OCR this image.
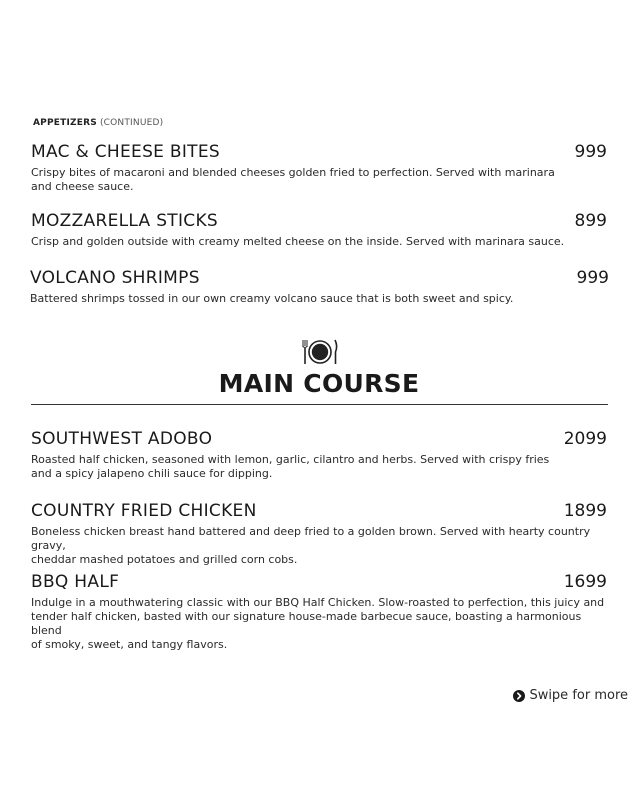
APPETIZERS (CONTINUED)
MAC & CHEESE BITES	999
Crispy bites of macaroni and blended cheeses golden fried to perfection. Served with marinara
and cheese sauce.
MOZZARELLA STICKS	899
Crisp and golden outside with creamy melted cheese on the inside. Served with marinara sauce.
VOLCANO SHRIMPS	999
Battered shrimps tossed in our own creamy volcano sauce that is both sweet and spicy.
MAIN COURSE
SOUTHWEST ADOBO	2099
Roasted half chicken, seasoned with lemon, garlic, cilantro and herbs. Served with crispy fries
and a spicy jalapeno chili sauce for dipping.
COUNTRY FRIED CHICKEN	1899
Boneless chicken breast hand battered and deep fried to a golden brown. Served with hearty country gravy,
cheddar mashed potatoes and grilled corn cobs.
BBQ HALF	1699
Indulge in a mouthwatering classic with our BBQ Half Chicken. Slow-roasted to perfection, this juicy and
tender half chicken, basted with our signature house-made barbecue sauce, boasting a harmonious blend
of smoky, sweet, and tangy flavors.
Swipe for more
